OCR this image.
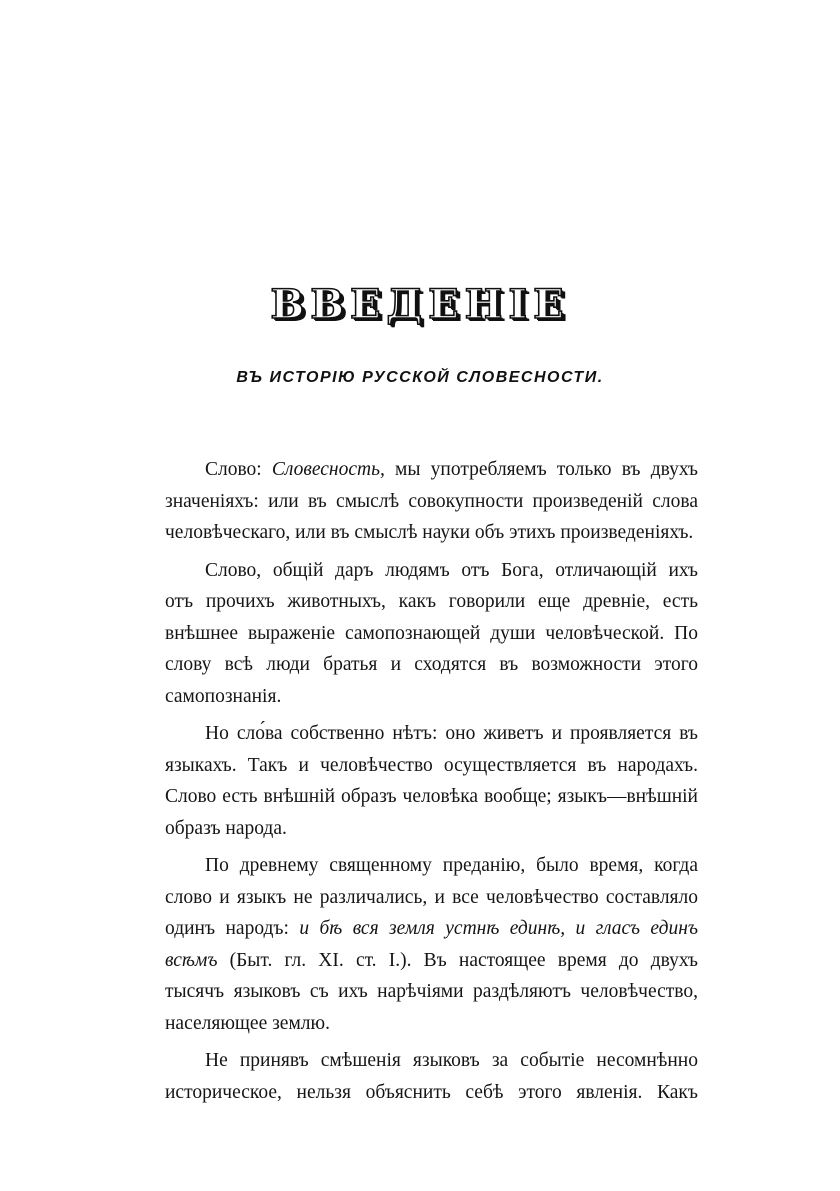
ВВЕДЕНІЕ
ВЪ ИСТОРІЮ РУССКОЙ СЛОВЕСНОСТИ.

Слово: Словесность, мы употребляемъ только въ двухъ
значеніяхъ: или въ смыслѣ совокупности произведеній слова
человѣческаго, или въ смыслѣ науки объ этихъ произведеніяхъ.

Слово, общій даръ людямъ отъ Бога, отличающій ихъ
отъ прочихъ животныхъ, какъ говорили еще древніе, есть
внѣшнее выраженіе самопознающей души человѣческой. По
слову всѣ люди братья и сходятся въ возможности этого
самопознанія.

Но сло́ва собственно нѣтъ: оно живетъ и проявляется въ
языкахъ. Такъ и человѣчество осуществляется въ народахъ.
Слово есть внѣшній образъ человѣка вообще; языкъ—внѣшній
образъ народа.

По древнему священному преданію, было время, когда
слово и языкъ не различались, и все человѣчество составляло
одинъ народъ: и бѣ вся земля устнѣ единѣ, и гласъ единъ
всѣмъ (Быт. гл. XI. ст. I.). Въ настоящее время до двухъ
тысячъ языковъ съ ихъ нарѣчіями раздѣляютъ человѣчество,
населяющее землю.

Не принявъ смѣшенія языковъ за событіе несомнѣнно
историческое, нельзя объяснить себѣ этого явленія. Какъ
